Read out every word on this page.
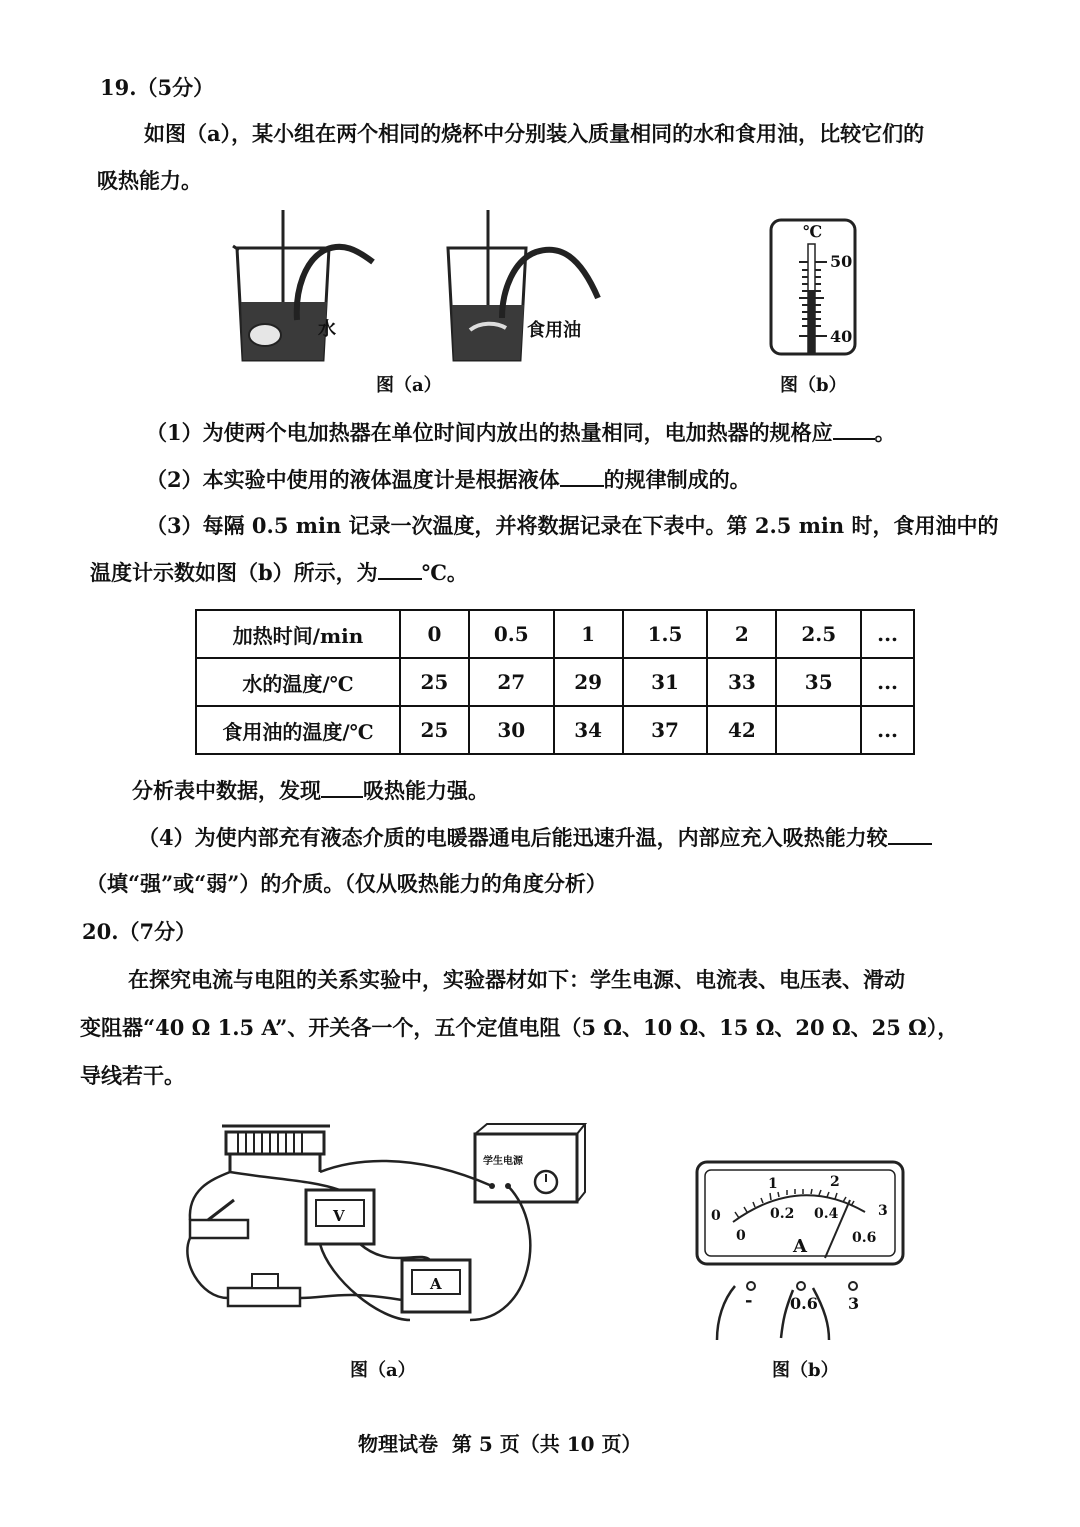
19.（5分）
如图（a），某小组在两个相同的烧杯中分别装入质量相同的水和食用油，比较它们的
吸热能力。
水	食用油
图（a）
℃
50
40
图（b）
（1）为使两个电加热器在单位时间内放出的热量相同，电加热器的规格应 。
（2）本实验中使用的液体温度计是根据液体 的规律制成的。
（3）每隔 0.5 min 记录一次温度，并将数据记录在下表中。第 2.5 min 时，食用油中的
温度计示数如图（b）所示，为 ℃。
加热时间/min	0	0.5	1	1.5	2	2.5	...
水的温度/℃	25	27	29	31	33	35	...
食用油的温度/℃	25	30	34	37	42		...
分析表中数据，发现 吸热能力强。
（4）为使内部充有液态介质的电暖器通电后能迅速升温，内部应充入吸热能力较
（填“强”或“弱”）的介质。（仅从吸热能力的角度分析）
20.（7分）
在探究电流与电阻的关系实验中，实验器材如下：学生电源、电流表、电压表、滑动
变阻器“40 Ω 1.5 A”、开关各一个，五个定值电阻（5 Ω、10 Ω、15 Ω、20 Ω、25 Ω），
导线若干。
学生电源
V
A
图（a）
0
1	2
3
0
0.2 0.4
0.6
A
- 0.6 3
图（b）
物理试卷  第 5 页（共 10 页）
